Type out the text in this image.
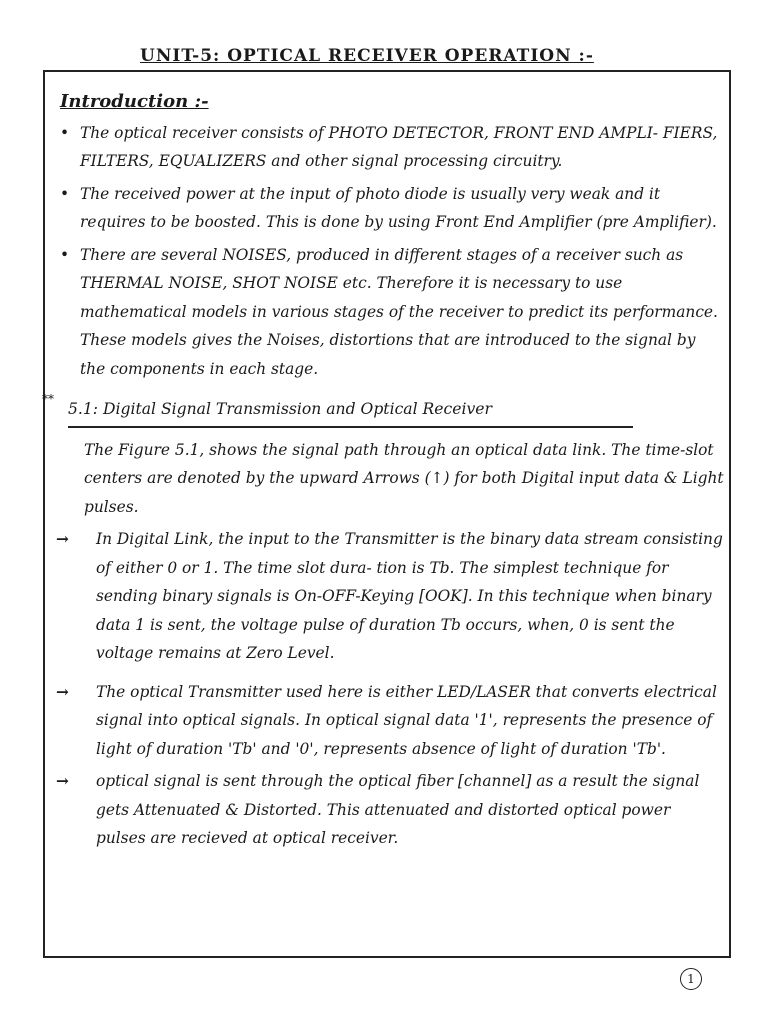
UNIT-5: OPTICAL RECEIVER OPERATION :-
Introduction :-
• The optical receiver consists of PHOTO DETECTOR, FRONT END AMPLI- FIERS, FILTERS, EQUALIZERS and other signal processing circuitry.
• The received power at the input of photo diode is usually very weak and it requires to be boosted. This is done by using Front End Amplifier (pre Amplifier).
• There are several NOISES, produced in different stages of a receiver such as THERMAL NOISE, SHOT NOISE etc. Therefore it is necessary to use mathematical models in various stages of the receiver to predict its performance. These models gives the Noises, distortions that are introduced to the signal by the components in each stage.
**
5.1: Digital Signal Transmission and Optical Receiver
The Figure 5.1, shows the signal path through an optical data link. The time-slot centers are denoted by the upward Arrows (↑) for both Digital input data & Light pulses.
→ In Digital Link, the input to the Transmitter is the binary data stream consisting of either 0 or 1. The time slot dura- tion is Tb. The simplest technique for sending binary signals is On-OFF-Keying [OOK]. In this technique when binary data 1 is sent, the voltage pulse of duration Tb occurs, when, 0 is sent the voltage remains at Zero Level.
→ The optical Transmitter used here is either LED/LASER that converts electrical signal into optical signals. In optical signal data '1', represents the presence of light of duration 'Tb' and '0', represents absence of light of duration 'Tb'.
→ optical signal is sent through the optical fiber [channel] as a result the signal gets Attenuated & Distorted. This attenuated and distorted optical power pulses are recieved at optical receiver.
1
